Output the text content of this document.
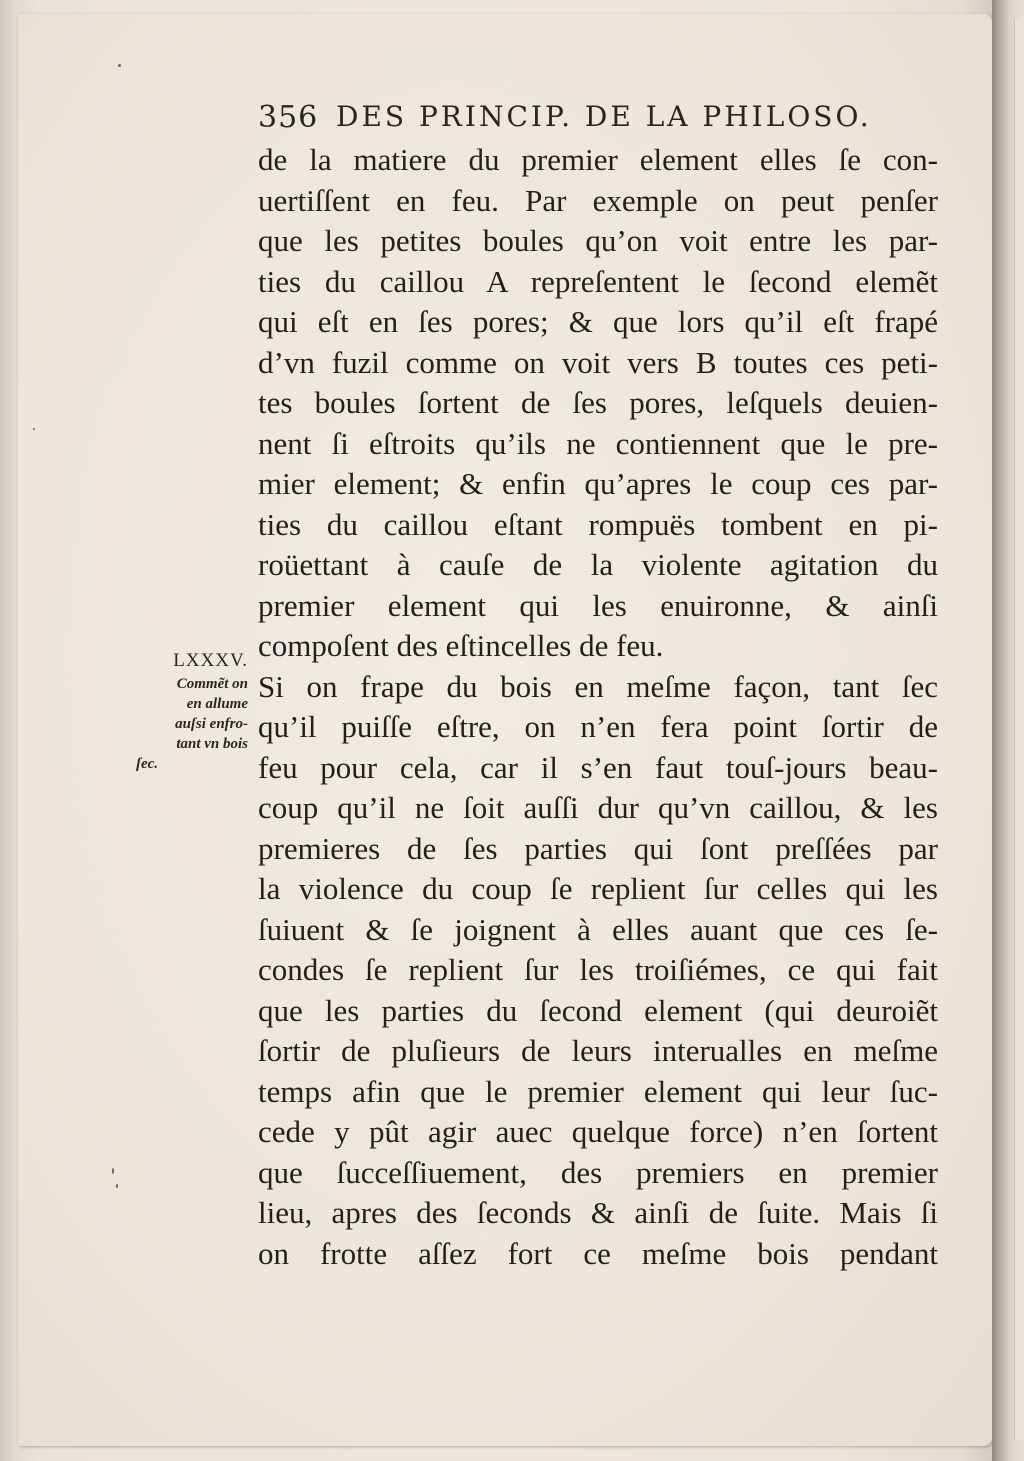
356 DES PRINCIP. DE LA PHILOSO.
LXXXV.
Commẽt on
en allume
auſsi enfro-
tant vn bois
ſec.
de la matiere du premier element elles ſe con-
uertiſſent en feu. Par exemple on peut penſer
que les petites boules qu’on voit entre les par-
ties du caillou A repreſentent le ſecond elemẽt
qui eſt en ſes pores; & que lors qu’il eſt frapé
d’vn fuzil comme on voit vers B toutes ces peti-
tes boules ſortent de ſes pores, leſquels deuien-
nent ſi eſtroits qu’ils ne contiennent que le pre-
mier element; & enfin qu’apres le coup ces par-
ties du caillou eſtant rompuës tombent en pi-
roüettant à cauſe de la violente agitation du
premier element qui les enuironne, & ainſi
compoſent des eſtincelles de feu.
Si on frape du bois en meſme façon, tant ſec
qu’il puiſſe eſtre, on n’en fera point ſortir de
feu pour cela, car il s’en faut touſ-jours beau-
coup qu’il ne ſoit auſſi dur qu’vn caillou, & les
premieres de ſes parties qui ſont preſſées par
la violence du coup ſe replient ſur celles qui les
ſuiuent & ſe joignent à elles auant que ces ſe-
condes ſe replient ſur les troiſiémes, ce qui fait
que les parties du ſecond element (qui deuroiẽt
ſortir de pluſieurs de leurs interualles en meſme
temps afin que le premier element qui leur ſuc-
cede y pût agir auec quelque force) n’en ſortent
que ſucceſſiuement, des premiers en premier
lieu, apres des ſeconds & ainſi de ſuite. Mais ſi
on frotte aſſez fort ce meſme bois pendant
